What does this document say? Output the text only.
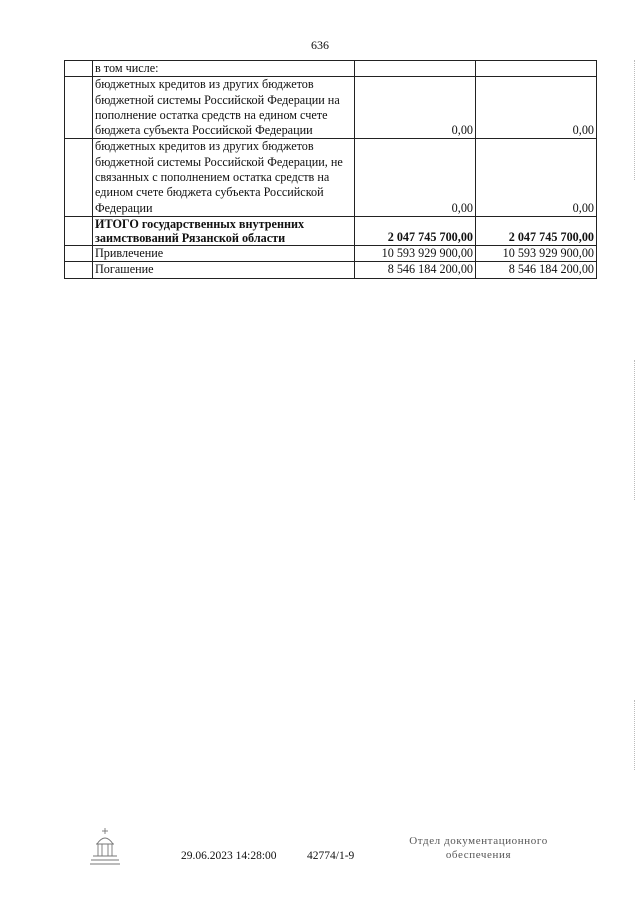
636
	в том числе:		
	бюджетных кредитов из других бюджетов бюджетной системы Российской Федерации на пополнение остатка средств на едином счете бюджета субъекта Российской Федерации	0,00	0,00
	бюджетных кредитов из других бюджетов бюджетной системы Российской Федерации, не связанных с пополнением остатка средств на едином счете бюджета субъекта Российской Федерации	0,00	0,00
	ИТОГО государственных внутренних заимствований Рязанской области	2 047 745 700,00	2 047 745 700,00
	Привлечение	10 593 929 900,00	10 593 929 900,00
	Погашение	8 546 184 200,00	8 546 184 200,00
29.06.2023 14:28:00	42774/1-9
Отдел документационного
обеспечения
